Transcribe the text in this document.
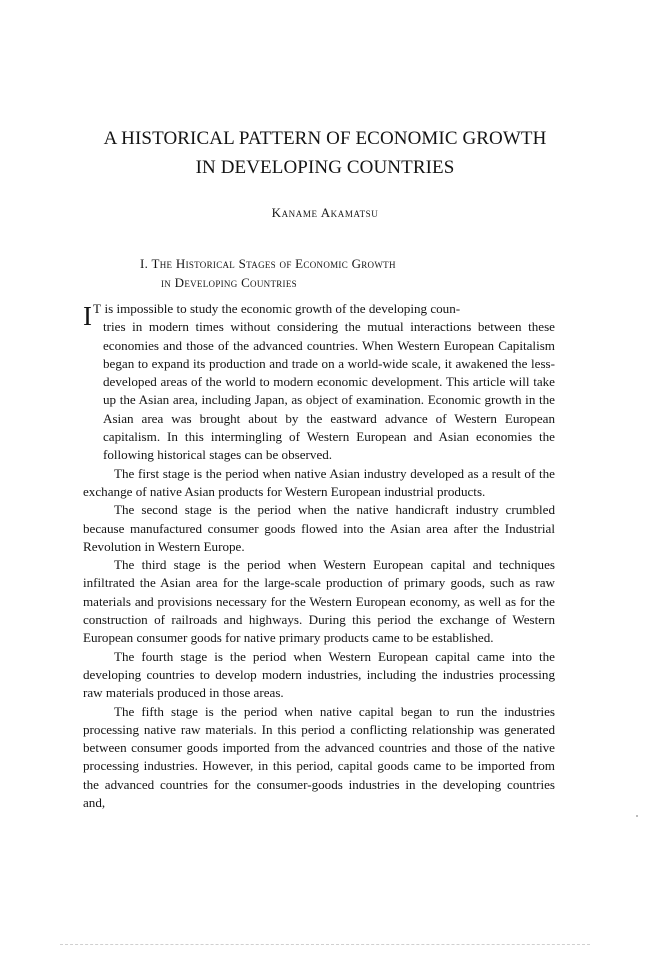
A HISTORICAL PATTERN OF ECONOMIC GROWTH
IN DEVELOPING COUNTRIES
Kaname Akamatsu
I. The Historical Stages of Economic Growth
in Developing Countries

I T is impossible to study the economic growth of the developing coun-
tries in modern times without considering the mutual interactions between these economies and those of the advanced countries. When Western European Capitalism began to expand its production and trade on a world-wide scale, it awakened the less-developed areas of the world to modern economic development. This article will take up the Asian area, including Japan, as object of examination. Economic growth in the Asian area was brought about by the eastward advance of Western European capitalism. In this intermingling of Western European and Asian economies the following historical stages can be observed.

The first stage is the period when native Asian industry developed as a result of the exchange of native Asian products for Western European industrial products.

The second stage is the period when the native handicraft industry crumbled because manufactured consumer goods flowed into the Asian area after the Industrial Revolution in Western Europe.

The third stage is the period when Western European capital and techniques infiltrated the Asian area for the large-scale production of primary goods, such as raw materials and provisions necessary for the Western European economy, as well as for the construction of railroads and highways. During this period the exchange of Western European consumer goods for native primary products came to be established.

The fourth stage is the period when Western European capital came into the developing countries to develop modern industries, including the industries processing raw materials produced in those areas.

The fifth stage is the period when native capital began to run the industries processing native raw materials. In this period a conflicting relationship was generated between consumer goods imported from the advanced countries and those of the native processing industries. However, in this period, capital goods came to be imported from the advanced countries for the consumer-goods industries in the developing countries and,
